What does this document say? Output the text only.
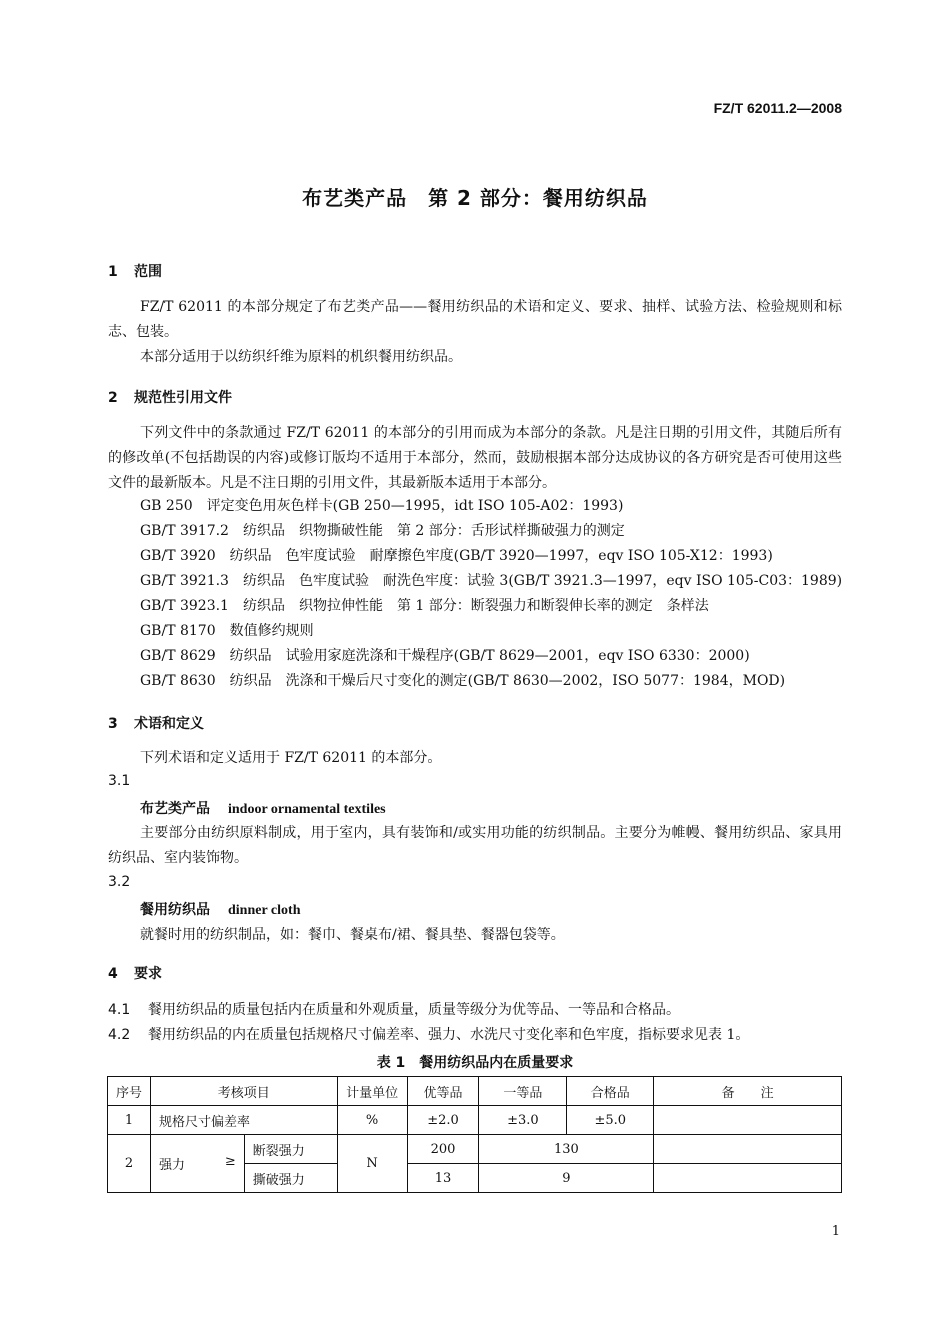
FZ/T 62011.2—2008
布艺类产品　第 2 部分：餐用纺织品
1 范围
FZ/T 62011 的本部分规定了布艺类产品——餐用纺织品的术语和定义、要求、抽样、试验方法、检验规则和标志、包装。
本部分适用于以纺织纤维为原料的机织餐用纺织品。
2 规范性引用文件
下列文件中的条款通过 FZ/T 62011 的本部分的引用而成为本部分的条款。凡是注日期的引用文件，其随后所有的修改单(不包括勘误的内容)或修订版均不适用于本部分，然而，鼓励根据本部分达成协议的各方研究是否可使用这些文件的最新版本。凡是不注日期的引用文件，其最新版本适用于本部分。
GB 250　评定变色用灰色样卡(GB 250—1995，idt ISO 105-A02：1993)
GB/T 3917.2　纺织品　织物撕破性能　第 2 部分：舌形试样撕破强力的测定
GB/T 3920　纺织品　色牢度试验　耐摩擦色牢度(GB/T 3920—1997，eqv ISO 105-X12：1993)
GB/T 3921.3　纺织品　色牢度试验　耐洗色牢度：试验 3(GB/T 3921.3—1997，eqv ISO 105-C03：1989)
GB/T 3923.1　纺织品　织物拉伸性能　第 1 部分：断裂强力和断裂伸长率的测定　条样法
GB/T 8170　数值修约规则
GB/T 8629　纺织品　试验用家庭洗涤和干燥程序(GB/T 8629—2001，eqv ISO 6330：2000)
GB/T 8630　纺织品　洗涤和干燥后尺寸变化的测定(GB/T 8630—2002，ISO 5077：1984，MOD)
3 术语和定义
下列术语和定义适用于 FZ/T 62011 的本部分。
3.1
布艺类产品 indoor ornamental textiles
主要部分由纺织原料制成，用于室内，具有装饰和/或实用功能的纺织制品。主要分为帷幔、餐用纺织品、家具用纺织品、室内装饰物。
3.2
餐用纺织品 dinner cloth
就餐时用的纺织制品，如：餐巾、餐桌布/裙、餐具垫、餐器包袋等。
4 要求
4.1 餐用纺织品的质量包括内在质量和外观质量，质量等级分为优等品、一等品和合格品。
4.2 餐用纺织品的内在质量包括规格尺寸偏差率、强力、水洗尺寸变化率和色牢度，指标要求见表 1。
表 1　餐用纺织品内在质量要求
序号	考核项目		计量单位	优等品	一等品	合格品	备　　注
1	规格尺寸偏差率		%	±2.0	±3.0	±5.0	
2	强力 ≥	断裂强力	N	200	130		
		撕破强力		13	9		
1
